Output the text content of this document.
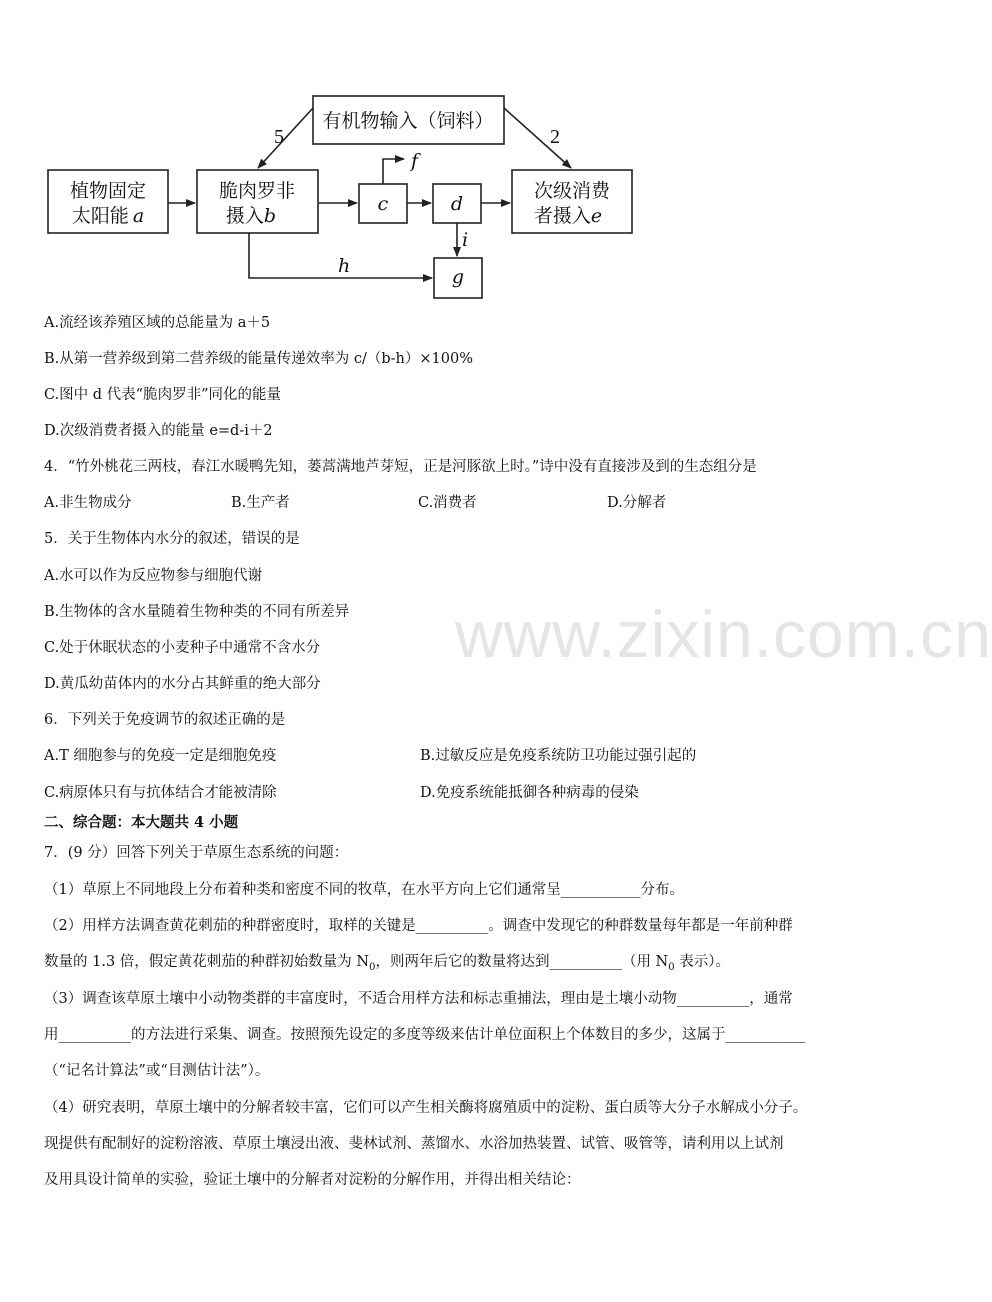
有机物输入（饲料）
植物固定
太阳能 a
脆肉罗非
摄入b
c	d
g
次级消费
者摄入e
5	2
f
h
i
A.流经该养殖区域的总能量为 a＋5
B.从第一营养级到第二营养级的能量传递效率为 c/（b-h）×100%
C.图中 d 代表“脆肉罗非”同化的能量
D.次级消费者摄入的能量 e=d-i＋2
4．“竹外桃花三两枝，春江水暖鸭先知，蒌蒿满地芦芽短，正是河豚欲上时。”诗中没有直接涉及到的生态组分是
A.非生物成分	B.生产者	C.消费者	D.分解者
5．关于生物体内水分的叙述，错误的是
A.水可以作为反应物参与细胞代谢
B.生物体的含水量随着生物种类的不同有所差异
C.处于休眠状态的小麦种子中通常不含水分
D.黄瓜幼苗体内的水分占其鲜重的绝大部分
6．下列关于免疫调节的叙述正确的是
A.T 细胞参与的免疫一定是细胞免疫	B.过敏反应是免疫系统防卫功能过强引起的
C.病原体只有与抗体结合才能被清除	D.免疫系统能抵御各种病毒的侵染
二、综合题：本大题共 4 小题
7．(9 分）回答下列关于草原生态系统的问题：
（1）草原上不同地段上分布着种类和密度不同的牧草，在水平方向上它们通常呈___________分布。
（2）用样方法调查黄花刺茄的种群密度时，取样的关键是__________。调查中发现它的种群数量每年都是一年前种群
数量的 1.3 倍，假定黄花刺茄的种群初始数量为 $N_0$，则两年后它的数量将达到__________（用 $N_0$ 表示）。
（3）调查该草原土壤中小动物类群的丰富度时，不适合用样方法和标志重捕法，理由是土壤小动物__________，通常
用__________的方法进行采集、调查。按照预先设定的多度等级来估计单位面积上个体数目的多少，这属于___________
（“记名计算法”或“目测估计法”）。
（4）研究表明，草原土壤中的分解者较丰富，它们可以产生相关酶将腐殖质中的淀粉、蛋白质等大分子水解成小分子。
现提供有配制好的淀粉溶液、草原土壤浸出液、斐林试剂、蒸馏水、水浴加热装置、试管、吸管等，请利用以上试剂
及用具设计简单的实验，验证土壤中的分解者对淀粉的分解作用，并得出相关结论：
www.zixin.com.cn
